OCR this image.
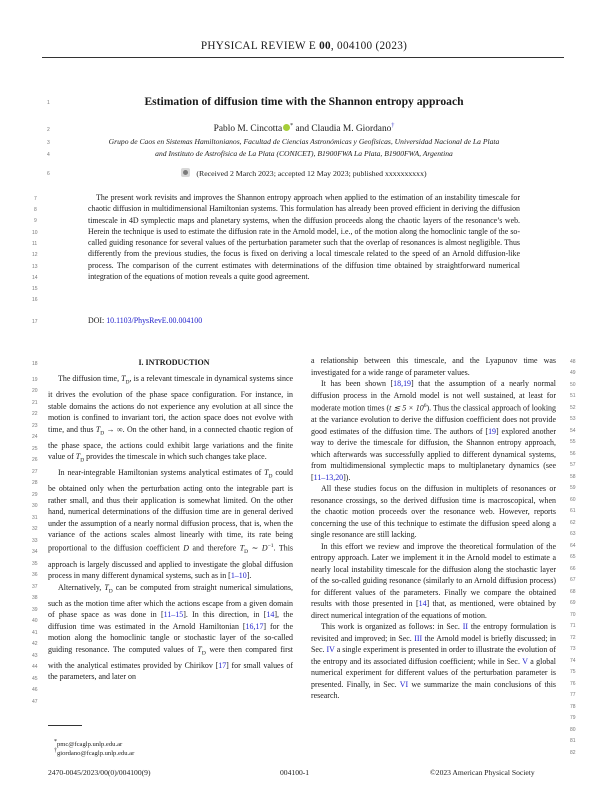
PHYSICAL REVIEW E 00, 004100 (2023)
1	Estimation of diffusion time with the Shannon entropy approach
2	Pablo M. Cincotta * and Claudia M. Giordano†
3	Grupo de Caos en Sistemas Hamiltonianos, Facultad de Ciencias Astronómicas y Geofísicas, Universidad Nacional de La Plata
4	and Instituto de Astrofísica de La Plata (CONICET), B1900FWA La Plata, B1900FWA, Argentina
6	(Received 2 March 2023; accepted 12 May 2023; published xxxxxxxxxx)
7
8
9
10
11
12
13
14
15
16
The present work revisits and improves the Shannon entropy approach when applied to the estimation of an instability timescale for chaotic diffusion in multidimensional Hamiltonian systems. This formulation has already been proved efficient in deriving the diffusion timescale in 4D symplectic maps and planetary systems, when the diffusion proceeds along the chaotic layers of the resonance’s web. Herein the technique is used to estimate the diffusion rate in the Arnold model, i.e., of the motion along the homoclinic tangle of the so-called guiding resonance for several values of the perturbation parameter such that the overlap of resonances is almost negligible. Thus differently from the previous studies, the focus is fixed on deriving a local timescale related to the speed of an Arnold diffusion-like process. The comparison of the current estimates with determinations of the diffusion time obtained by straightforward numerical integration of the equations of motion reveals a quite good agreement.
17	DOI: 10.1103/PhysRevE.00.004100
18	I. INTRODUCTION
19
20
21
22
23
24
25
26
27
28
29
30
31
32
33
34
35
36
37
38
39
40
41
42
43
44
45
46
47

The diffusion time, $T_D$, is a relevant timescale in dynamical systems since it drives the evolution of the phase space configuration. For instance, in stable domains the actions do not experience any evolution at all since the motion is confined to invariant tori, the action space does not evolve with time, and thus $T_D$ → ∞. On the other hand, in a connected chaotic region of the phase space, the actions could exhibit large variations and the finite value of $T_D$ provides the timescale in which such changes take place.

In near-integrable Hamiltonian systems analytical estimates of $T_D$ could be obtained only when the perturbation acting onto the integrable part is rather small, and thus their application is somewhat limited. On the other hand, numerical determinations of the diffusion time are in general derived under the assumption of a nearly normal diffusion process, that is, when the variance of the actions scales almost linearly with time, its rate being proportional to the diffusion coefficient D and therefore $T_D$ ∼ $D^{-1}$. This approach is largely discussed and applied to investigate the global diffusion process in many different dynamical systems, such as in [1–10].

Alternatively, $T_D$ can be computed from straight numerical simulations, such as the motion time after which the actions escape from a given domain of phase space as was done in [11–15]. In this direction, in [14], the diffusion time was estimated in the Arnold Hamiltonian [16,17] for the motion along the homoclinic tangle or stochastic layer of the so-called guiding resonance. The computed values of $T_D$ were then compared first with the analytical estimates provided by Chirikov [17] for small values of the parameters, and later on

48
49
50
51
52
53
54
55
56
57
58
59
60
61
62
63
64
65
66
67
68
69
70
71
72
73
74
75
76
77
78
79
80
81
82

a relationship between this timescale, and the Lyapunov time was investigated for a wide range of parameter values.

It has been shown [18,19] that the assumption of a nearly normal diffusion process in the Arnold model is not well sustained, at least for moderate motion times (t ≲ $5 \times 10^6$). Thus the classical approach of looking at the variance evolution to derive the diffusion coefficient does not provide good estimates of the diffusion time. The authors of [19] explored another way to derive the timescale for diffusion, the Shannon entropy approach, which afterwards was successfully applied to different dynamical systems, from multidimensional symplectic maps to multiplanetary dynamics (see [11–13,20]).

All these studies focus on the diffusion in multiplets of resonances or resonance crossings, so the derived diffusion time is macroscopical, when the chaotic motion proceeds over the resonance web. However, reports concerning the use of this technique to estimate the diffusion speed along a single resonance are still lacking.

In this effort we review and improve the theoretical formulation of the entropy approach. Later we implement it in the Arnold model to estimate a nearly local instability timescale for the diffusion along the stochastic layer of the so-called guiding resonance (similarly to an Arnold diffusion process) for different values of the parameters. Finally we compare the obtained results with those presented in [14] that, as mentioned, were obtained by direct numerical integration of the equations of motion.

This work is organized as follows: in Sec. II the entropy formulation is revisited and improved; in Sec. III the Arnold model is briefly discussed; in Sec. IV a single experiment is presented in order to illustrate the evolution of the entropy and its associated diffusion coefficient; while in Sec. V a global numerical experiment for different values of the perturbation parameter is presented. Finally, in Sec. VI we summarize the main conclusions of this research.

*pmc@fcaglp.unlp.edu.ar
†giordano@fcaglp.unlp.edu.ar
2470-0045/2023/00(0)/004100(9)	004100-1	©2023 American Physical Society
